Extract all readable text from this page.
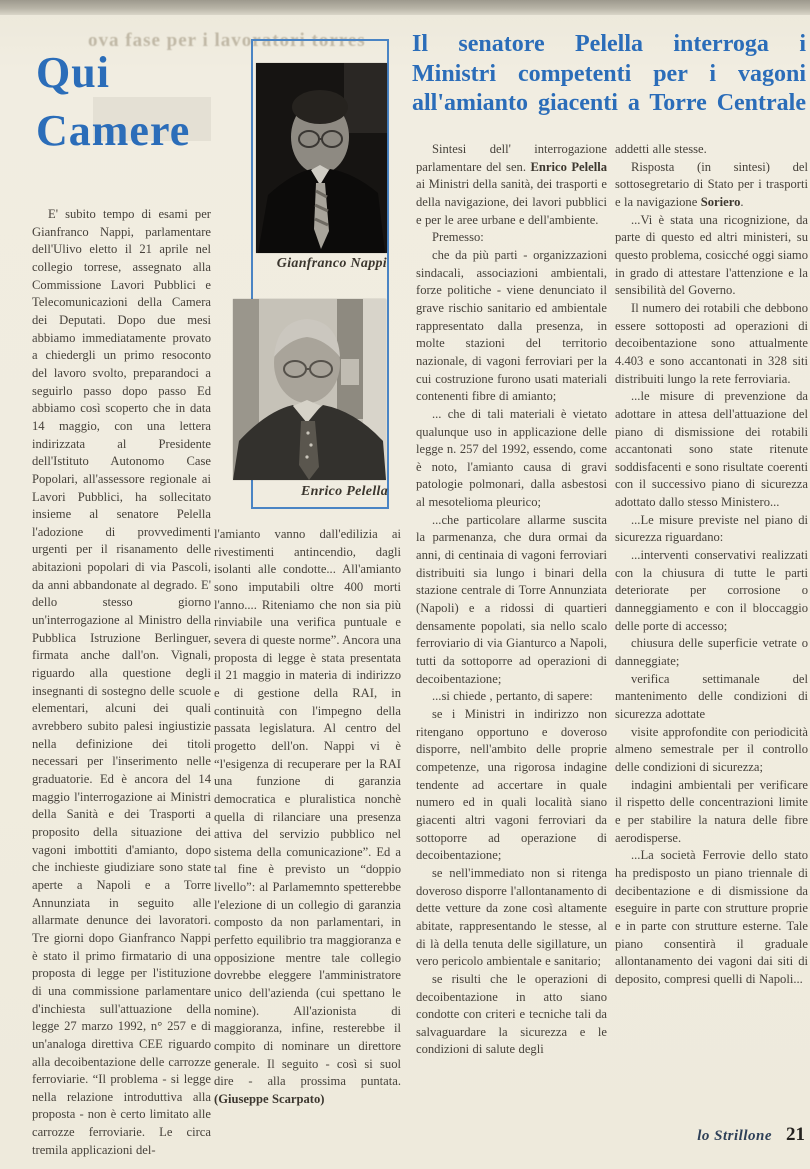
ova fase per i lavoratori torres
Qui
Camere

E' subito tempo di esami per Gianfranco Nappi, parlamentare dell'Ulivo eletto il 21 aprile nel collegio torrese, assegnato alla Commissione Lavori Pubblici e Telecomunicazioni della Camera dei Deputati. Dopo due mesi abbiamo immediatamente provato a chiedergli un primo resoconto del lavoro svolto, preparandoci a seguirlo passo dopo passo Ed abbiamo così scoperto che in data 14 maggio, con una lettera indirizzata al Presidente dell'Istituto Autonomo Case Popolari, all'assessore regionale ai Lavori Pubblici, ha sollecitato insieme al senatore Pelella l'adozione di provvedimenti urgenti per il risanamento delle abitazioni popolari di via Pascoli, da anni abbandonate al degrado. E' dello stesso giorno un'interrogazione al Ministro della Pubblica Istruzione Berlinguer, firmata anche dall'on. Vignali, riguardo alla questione degli insegnanti di sostegno delle scuole elementari, alcuni dei quali avrebbero subito palesi ingiustizie nella definizione dei titoli necessari per l'inserimento nelle graduatorie. Ed è ancora del 14 maggio l'interrogazione ai Ministri della Sanità e dei Trasporti a proposito della situazione dei vagoni imbottiti d'amianto, dopo che inchieste giudiziare sono state aperte a Napoli e a Torre Annunziata in seguito alle allarmate denunce dei lavoratori. Tre giorni dopo Gianfranco Nappi è stato il primo firmatario di una proposta di legge per l'istituzione di una commissione parlamentare d'inchiesta sull'attuazione della legge 27 marzo 1992, n° 257 e di un'analoga direttiva CEE riguardo alla decoibentazione delle carrozze ferroviarie. “Il problema - si legge nella relazione introduttiva alla proposta - non è certo limitato alle carrozze ferroviarie. Le circa tremila applicazioni del-

Gianfranco Nappi
Enrico Pelella

l'amianto vanno dall'edilizia ai rivestimenti antincendio, dagli isolanti alle condotte... All'amianto sono imputabili oltre 400 morti l'anno.... Riteniamo che non sia più rinviabile una verifica puntuale e severa di queste norme”. Ancora una proposta di legge è stata presentata il 21 maggio in materia di indirizzo e di gestione della RAI, in continuità con l'impegno della passata legislatura. Al centro del progetto dell'on. Nappi vi è “l'esigenza di recuperare per la RAI una funzione di garanzia democratica e pluralistica nonchè quella di rilanciare una presenza attiva del servizio pubblico nel sistema della comunicazione”. Ed a tal fine è previsto un “doppio livello”: al Parlamemnto spetterebbe l'elezione di un collegio di garanzia composto da non parlamentari, in perfetto equilibrio tra maggioranza e opposizione mentre tale collegio dovrebbe eleggere l'amministratore unico dell'azienda (cui spettano le nomine). All'azionista di maggioranza, infine, resterebbe il compito di nominare un direttore generale. Il seguito - così si suol dire - alla prossima puntata. (Giuseppe Scarpato)

Il senatore Pelella interroga i
Ministri competenti per i vagoni
all'amianto giacenti a Torre Centrale

Sintesi dell' interrogazione parlamentare del sen. Enrico Pelella ai Ministri della sanità, dei trasporti e della navigazione, dei lavori pubblici e per le aree urbane e dell'ambiente.

Premesso:

che da più parti - organizzazioni sindacali, associazioni ambientali, forze politiche - viene denunciato il grave rischio sanitario ed ambientale rappresentato dalla presenza, in molte stazioni del territorio nazionale, di vagoni ferroviari per la cui costruzione furono usati materiali contenenti fibre di amianto;

... che di tali materiali è vietato qualunque uso in applicazione delle legge n. 257 del 1992, essendo, come è noto, l'amianto causa di gravi patologie polmonari, dalla asbestosi al mesotelioma pleurico;

...che particolare allarme suscita la parmenanza, che dura ormai da anni, di centinaia di vagoni ferroviari distribuiti sia lungo i binari della stazione centrale di Torre Annunziata (Napoli) e a ridossi di quartieri densamente popolati, sia nello scalo ferroviario di via Gianturco a Napoli, tutti da sottoporre ad operazioni di decoibentazione;

...si chiede , pertanto, di sapere:

se i Ministri in indirizzo non ritengano opportuno e doveroso disporre, nell'ambito delle proprie competenze, una rigorosa indagine tendente ad accertare in quale numero ed in quali località siano giacenti altri vagoni ferroviari da sottoporre ad operazione di decoibentazione;

se nell'immediato non si ritenga doveroso disporre l'allontanamento di dette vetture da zone così altamente abitate, rappresentando le stesse, al di là della tenuta delle sigillature, un vero pericolo ambientale e sanitario;

se risulti che le operazioni di decoibentazione in atto siano condotte con criteri e tecniche tali da salvaguardare la sicurezza e le condizioni di salute degli

addetti alle stesse.

Risposta (in sintesi) del sottosegretario di Stato per i trasporti e la navigazione Soriero.

...Vi è stata una ricognizione, da parte di questo ed altri ministeri, su questo problema, cosicché oggi siamo in grado di attestare l'attenzione e la sensibilità del Governo.

Il numero dei rotabili che debbono essere sottoposti ad operazioni di decoibentazione sono attualmente 4.403 e sono accantonati in 328 siti distribuiti lungo la rete ferroviaria.

...le misure di prevenzione da adottare in attesa dell'attuazione del piano di dismissione dei rotabili accantonati sono state ritenute soddisfacenti e sono risultate coerenti con il successivo piano di sicurezza adottato dallo stesso Ministero...

...Le misure previste nel piano di sicurezza riguardano:

...interventi conservativi realizzati con la chiusura di tutte le parti deteriorate per corrosione o danneggiamento e con il bloccaggio delle porte di accesso;

chiusura delle superficie vetrate o danneggiate;

verifica settimanale del mantenimento delle condizioni di sicurezza adottate

visite approfondite con periodicità almeno semestrale per il controllo delle condizioni di sicurezza;

indagini ambientali per verificare il rispetto delle concentrazioni limite e per stabilire la natura delle fibre aerodisperse.

...La società Ferrovie dello stato ha predisposto un piano triennale di decibentazione e di dismissione da eseguire in parte con strutture proprie e in parte con strutture esterne. Tale piano consentirà il graduale allontanamento dei vagoni dai siti di deposito, compresi quelli di Napoli...

lo Strillone 21
